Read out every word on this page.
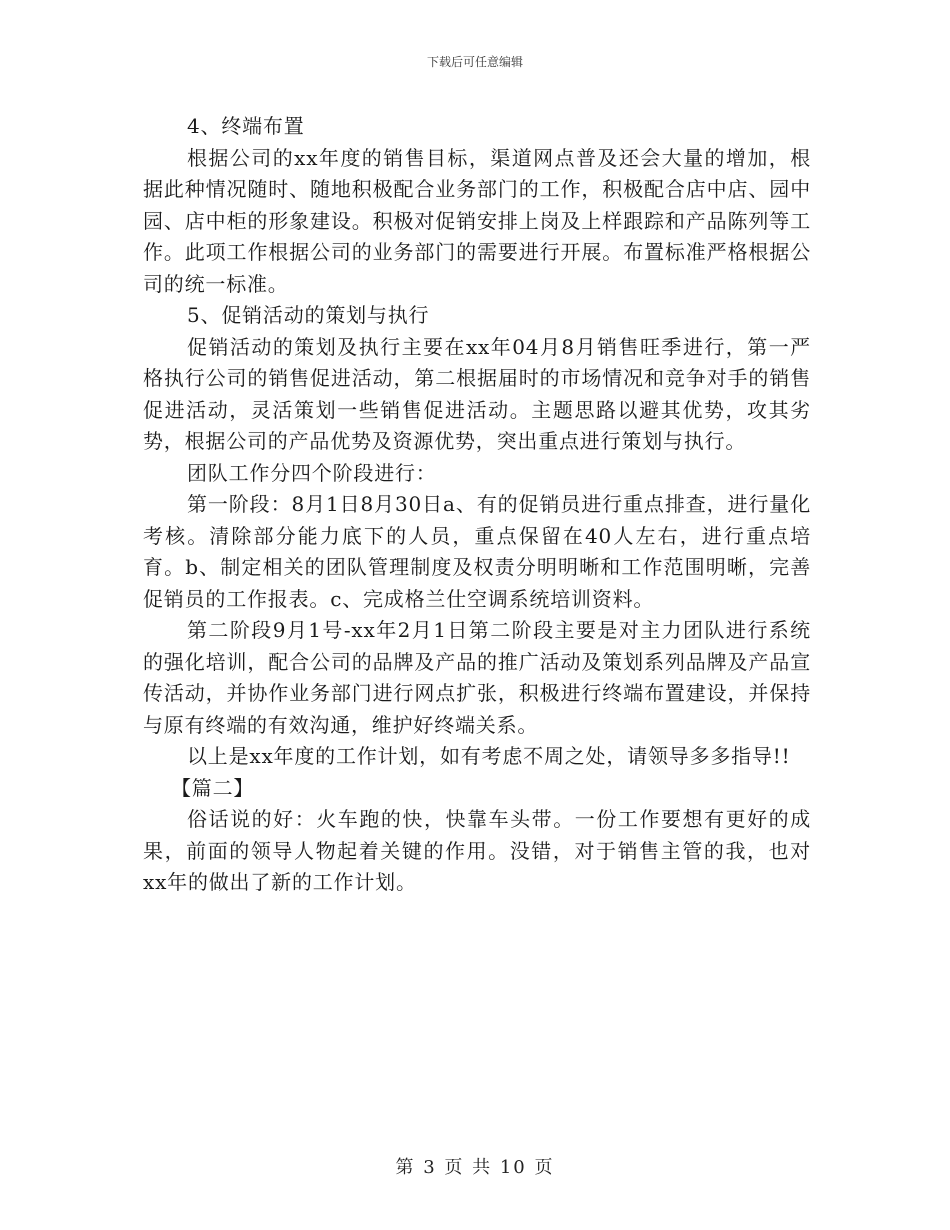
下载后可任意编辑

4、终端布置

根据公司的xx年度的销售目标，渠道网点普及还会大量的增加，根据此种情况随时、随地积极配合业务部门的工作，积极配合店中店、园中园、店中柜的形象建设。积极对促销安排上岗及上样跟踪和产品陈列等工作。此项工作根据公司的业务部门的需要进行开展。布置标准严格根据公司的统一标准。

5、促销活动的策划与执行

促销活动的策划及执行主要在xx年04月8月销售旺季进行，第一严格执行公司的销售促进活动，第二根据届时的市场情况和竞争对手的销售促进活动，灵活策划一些销售促进活动。主题思路以避其优势，攻其劣势，根据公司的产品优势及资源优势，突出重点进行策划与执行。

团队工作分四个阶段进行：

第一阶段：8月1日8月30日a、有的促销员进行重点排查，进行量化考核。清除部分能力底下的人员，重点保留在40人左右，进行重点培育。b、制定相关的团队管理制度及权责分明明晰和工作范围明晰，完善促销员的工作报表。c、完成格兰仕空调系统培训资料。

第二阶段9月1号-xx年2月1日第二阶段主要是对主力团队进行系统的强化培训，配合公司的品牌及产品的推广活动及策划系列品牌及产品宣传活动，并协作业务部门进行网点扩张，积极进行终端布置建设，并保持与原有终端的有效沟通，维护好终端关系。

以上是xx年度的工作计划，如有考虑不周之处，请领导多多指导!!

【篇二】

俗话说的好：火车跑的快，快靠车头带。一份工作要想有更好的成果，前面的领导人物起着关键的作用。没错，对于销售主管的我，也对xx年的做出了新的工作计划。

第 3 页 共 10 页
